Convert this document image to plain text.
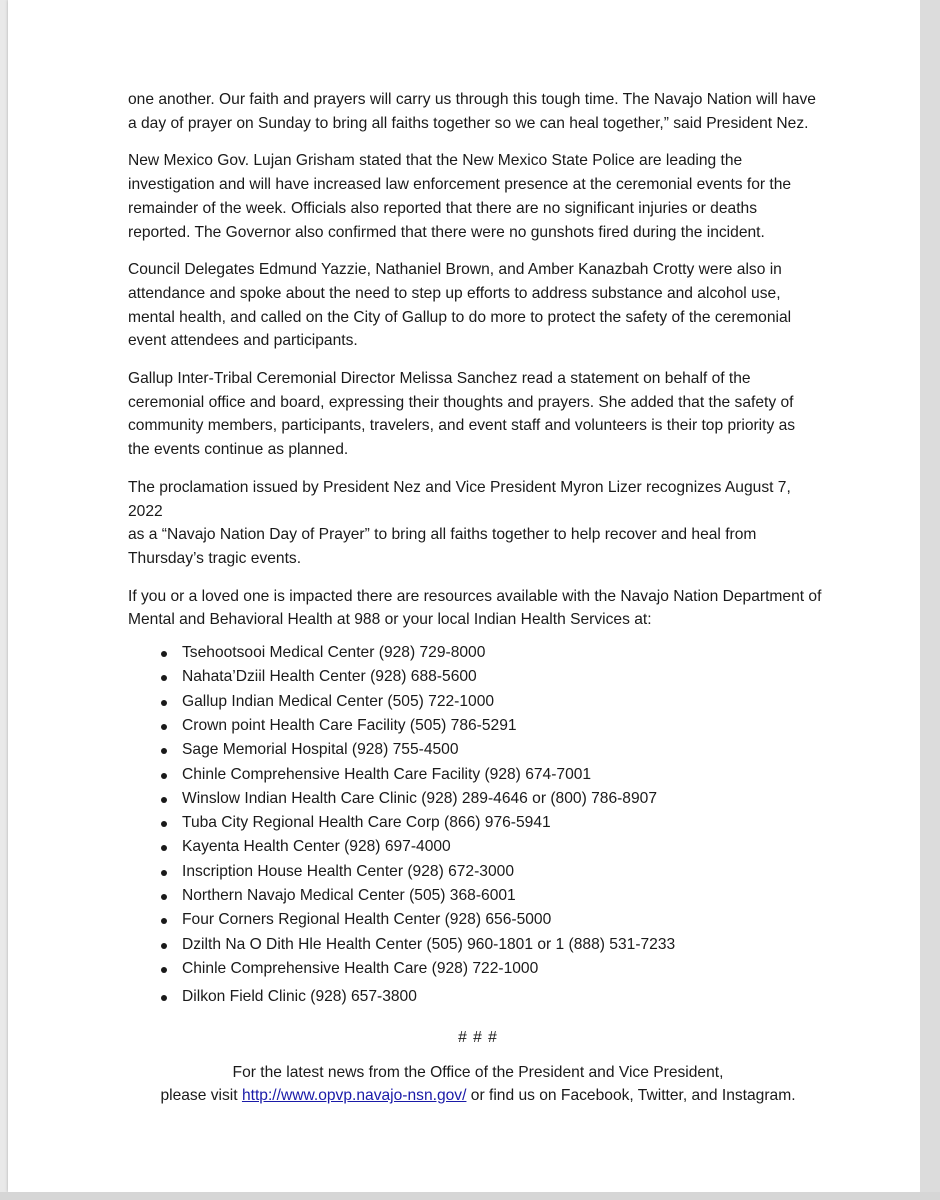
one another. Our faith and prayers will carry us through this tough time. The Navajo Nation will have
a day of prayer on Sunday to bring all faiths together so we can heal together,” said President Nez.

New Mexico Gov. Lujan Grisham stated that the New Mexico State Police are leading the
investigation and will have increased law enforcement presence at the ceremonial events for the
remainder of the week. Officials also reported that there are no significant injuries or deaths
reported. The Governor also confirmed that there were no gunshots fired during the incident.

Council Delegates Edmund Yazzie, Nathaniel Brown, and Amber Kanazbah Crotty were also in
attendance and spoke about the need to step up efforts to address substance and alcohol use,
mental health, and called on the City of Gallup to do more to protect the safety of the ceremonial
event attendees and participants.

Gallup Inter-Tribal Ceremonial Director Melissa Sanchez read a statement on behalf of the
ceremonial office and board, expressing their thoughts and prayers. She added that the safety of
community members, participants, travelers, and event staff and volunteers is their top priority as
the events continue as planned.

The proclamation issued by President Nez and Vice President Myron Lizer recognizes August 7, 2022
as a “Navajo Nation Day of Prayer” to bring all faiths together to help recover and heal from
Thursday’s tragic events.

If you or a loved one is impacted there are resources available with the Navajo Nation Department of
Mental and Behavioral Health at 988 or your local Indian Health Services at:

Tsehootsooi Medical Center (928) 729-8000
Nahata’Dziil Health Center (928) 688-5600
Gallup Indian Medical Center (505) 722-1000
Crown point Health Care Facility (505) 786-5291
Sage Memorial Hospital (928) 755-4500
Chinle Comprehensive Health Care Facility (928) 674-7001
Winslow Indian Health Care Clinic (928) 289-4646 or (800) 786-8907
Tuba City Regional Health Care Corp (866) 976-5941
Kayenta Health Center (928) 697-4000
Inscription House Health Center (928) 672-3000
Northern Navajo Medical Center (505) 368-6001
Four Corners Regional Health Center (928) 656-5000
Dzilth Na O Dith Hle Health Center (505) 960-1801 or 1 (888) 531-7233
Chinle Comprehensive Health Care (928) 722-1000
Dilkon Field Clinic (928) 657-3800
# # #
For the latest news from the Office of the President and Vice President,
please visit http://www.opvp.navajo-nsn.gov/ or find us on Facebook, Twitter, and Instagram.
